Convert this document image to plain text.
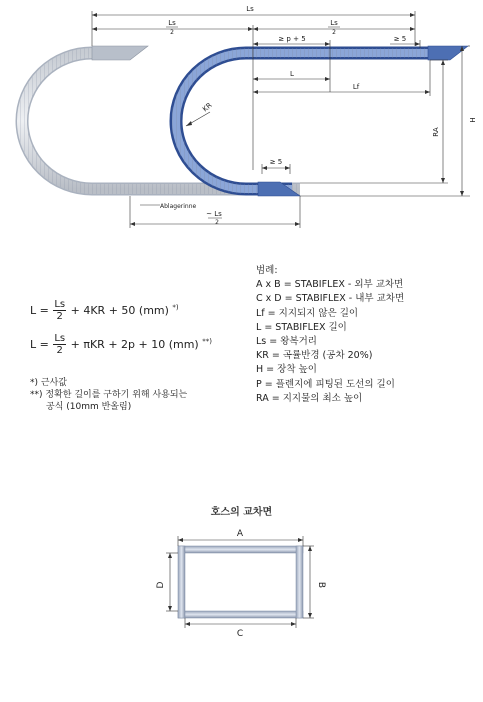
Ls
Ls
2
Ls
2
≥ p + 5	≥ 5
L
Lf
KR
RA
H
≥ 5
Ablagerinne
~ Ls
2
$L = \frac{Ls}{2} + 4KR + 50$ (mm) *)
$L = \frac{Ls}{2} + \pi KR + 2p + 10$ (mm) **)
*) 근사값
**) 정확한 길이를 구하기 위해 사용되는
공식 (10mm 반올림)
범례:
A x B = STABIFLEX - 외부 교차면
C x D = STABIFLEX - 내부 교차면
Lf = 지지되지 않은 길이
L = STABIFLEX 길이
Ls = 왕복거리
KR = 곡률반경 (공차 20%)
H = 장착 높이
P = 플렌지에 피팅된 도선의 길이
RA = 지지물의 최소 높이
호스의 교차면
A
C
D	B
